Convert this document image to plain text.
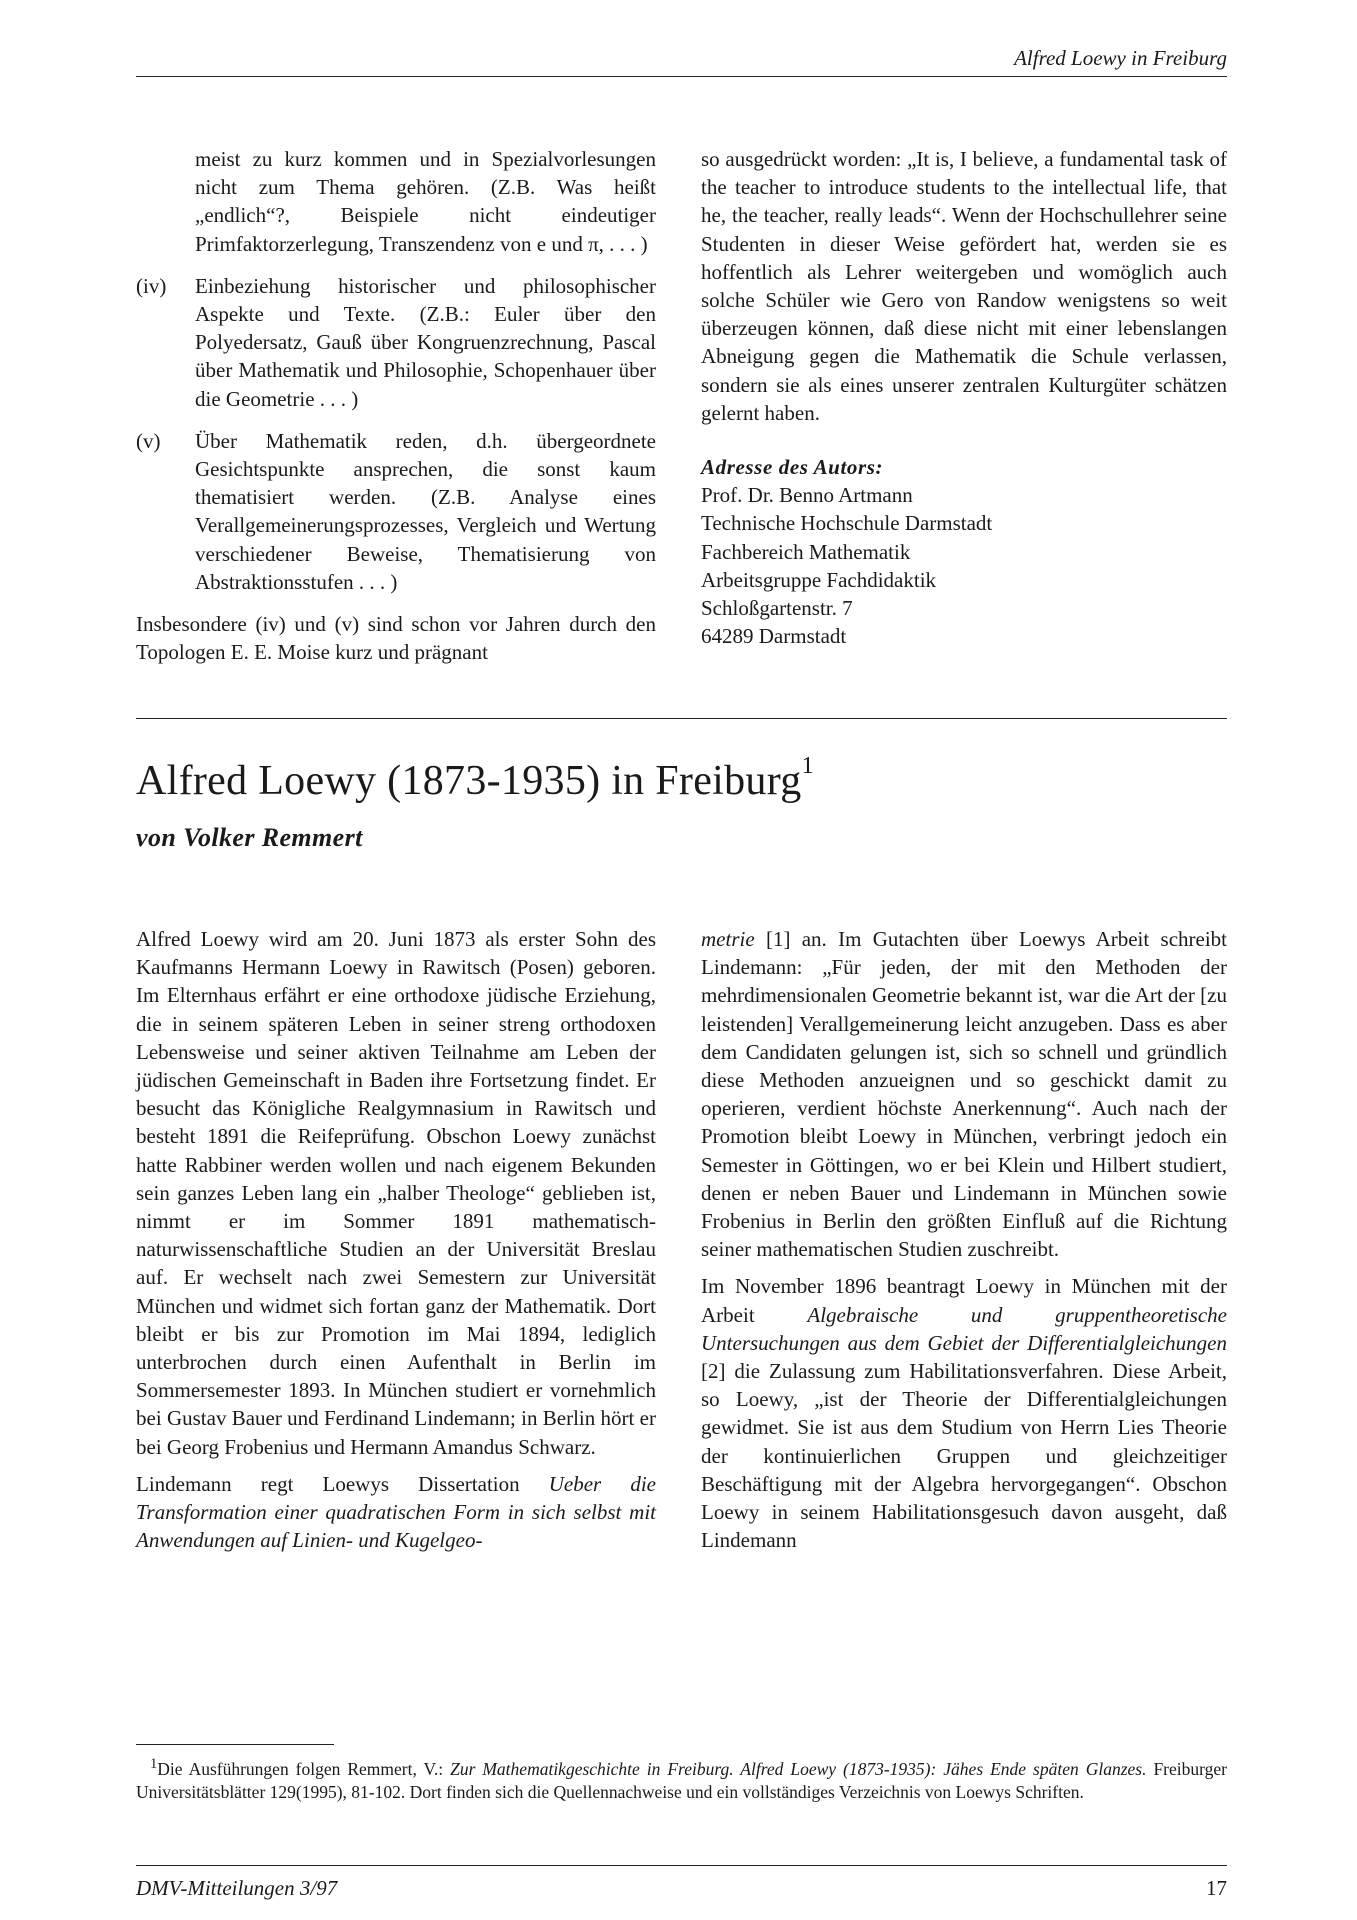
Alfred Loewy in Freiburg

meist zu kurz kommen und in Spezialvorlesungen nicht zum Thema gehören. (Z.B. Was heißt „endlich“?, Beispiele nicht eindeutiger Primfaktorzerlegung, Transzendenz von e und π, . . . )

(iv)	Einbeziehung historischer und philosophischer Aspekte und Texte. (Z.B.: Euler über den Polyedersatz, Gauß über Kongruenzrechnung, Pascal über Mathematik und Philosophie, Schopenhauer über die Geometrie . . . )
(v)	Über Mathematik reden, d.h. übergeordnete Gesichtspunkte ansprechen, die sonst kaum thematisiert werden. (Z.B. Analyse eines Verallgemeinerungsprozesses, Vergleich und Wertung verschiedener Beweise, Thematisierung von Abstraktionsstufen . . . )

Insbesondere (iv) und (v) sind schon vor Jahren durch den Topologen E. E. Moise kurz und prägnant

so ausgedrückt worden: „It is, I believe, a fundamental task of the teacher to introduce students to the intellectual life, that he, the teacher, really leads“. Wenn der Hochschullehrer seine Studenten in dieser Weise gefördert hat, werden sie es hoffentlich als Lehrer weitergeben und womöglich auch solche Schüler wie Gero von Randow wenigstens so weit überzeugen können, daß diese nicht mit einer lebenslangen Abneigung gegen die Mathematik die Schule verlassen, sondern sie als eines unserer zentralen Kulturgüter schätzen gelernt haben.

Adresse des Autors:
Prof. Dr. Benno Artmann
Technische Hochschule Darmstadt
Fachbereich Mathematik
Arbeitsgruppe Fachdidaktik
Schloßgartenstr. 7
64289 Darmstadt

Alfred Loewy (1873-1935) in Freiburg$^1$
von Volker Remmert

Alfred Loewy wird am 20. Juni 1873 als erster Sohn des Kaufmanns Hermann Loewy in Rawitsch (Posen) geboren. Im Elternhaus erfährt er eine orthodoxe jüdische Erziehung, die in seinem späteren Leben in seiner streng orthodoxen Lebensweise und seiner aktiven Teilnahme am Leben der jüdischen Gemeinschaft in Baden ihre Fortsetzung findet. Er besucht das Königliche Realgymnasium in Rawitsch und besteht 1891 die Reifeprüfung. Obschon Loewy zunächst hatte Rabbiner werden wollen und nach eigenem Bekunden sein ganzes Leben lang ein „halber Theologe“ geblieben ist, nimmt er im Sommer 1891 mathematisch-naturwissenschaftliche Studien an der Universität Breslau auf. Er wechselt nach zwei Semestern zur Universität München und widmet sich fortan ganz der Mathematik. Dort bleibt er bis zur Promotion im Mai 1894, lediglich unterbrochen durch einen Aufenthalt in Berlin im Sommersemester 1893. In München studiert er vornehmlich bei Gustav Bauer und Ferdinand Lindemann; in Berlin hört er bei Georg Frobenius und Hermann Amandus Schwarz.

Lindemann regt Loewys Dissertation Ueber die Transformation einer quadratischen Form in sich selbst mit Anwendungen auf Linien- und Kugelgeo-

metrie [1] an. Im Gutachten über Loewys Arbeit schreibt Lindemann: „Für jeden, der mit den Methoden der mehrdimensionalen Geometrie bekannt ist, war die Art der [zu leistenden] Verallgemeinerung leicht anzugeben. Dass es aber dem Candidaten gelungen ist, sich so schnell und gründlich diese Methoden anzueignen und so geschickt damit zu operieren, verdient höchste Anerkennung“. Auch nach der Promotion bleibt Loewy in München, verbringt jedoch ein Semester in Göttingen, wo er bei Klein und Hilbert studiert, denen er neben Bauer und Lindemann in München sowie Frobenius in Berlin den größten Einfluß auf die Richtung seiner mathematischen Studien zuschreibt.

Im November 1896 beantragt Loewy in München mit der Arbeit Algebraische und gruppentheoretische Untersuchungen aus dem Gebiet der Differentialgleichungen [2] die Zulassung zum Habilitationsverfahren. Diese Arbeit, so Loewy, „ist der Theorie der Differentialgleichungen gewidmet. Sie ist aus dem Studium von Herrn Lies Theorie der kontinuierlichen Gruppen und gleichzeitiger Beschäftigung mit der Algebra hervorgegangen“. Obschon Loewy in seinem Habilitationsgesuch davon ausgeht, daß Lindemann

$^1$Die Ausführungen folgen Remmert, V.: Zur Mathematikgeschichte in Freiburg. Alfred Loewy (1873-1935): Jähes Ende späten Glanzes. Freiburger Universitätsblätter 129(1995), 81-102. Dort finden sich die Quellennachweise und ein vollständiges Verzeichnis von Loewys Schriften.
DMV-Mitteilungen 3/97	17
